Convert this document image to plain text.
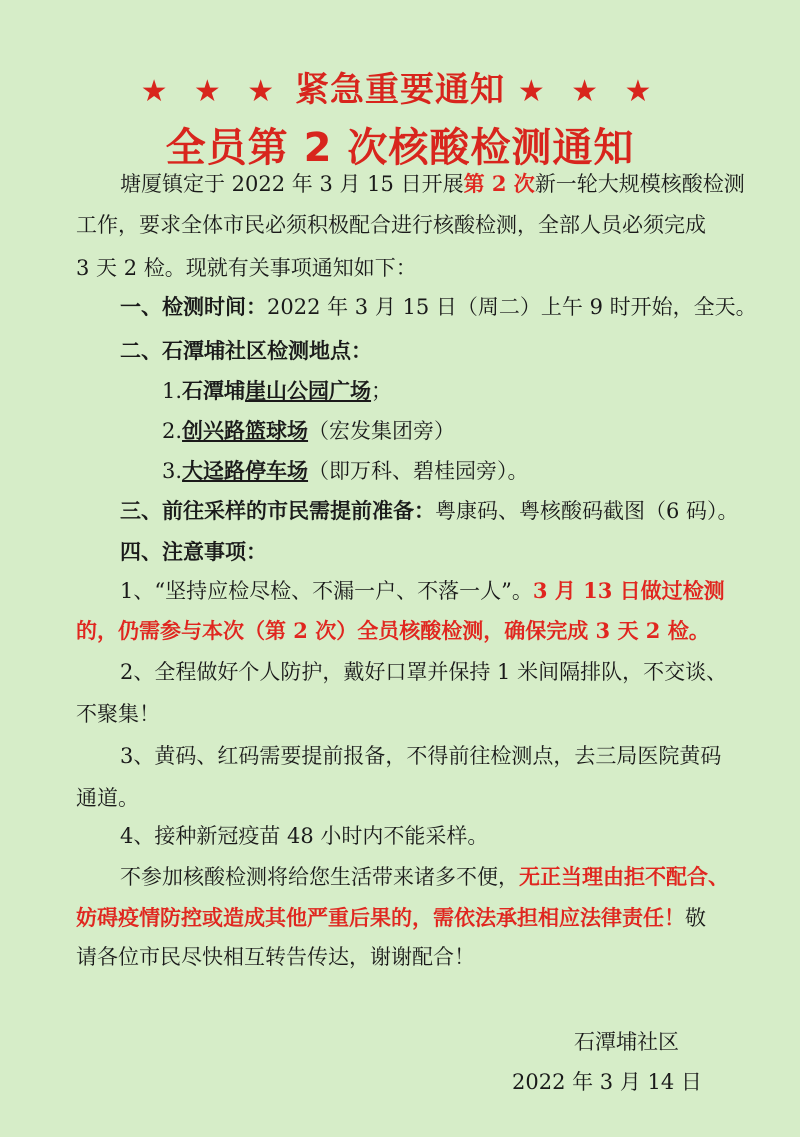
★ ★ ★ 紧急重要通知 ★ ★ ★
全员第 2 次核酸检测通知
塘厦镇定于 2022 年 3 月 15 日开展第 2 次新一轮大规模核酸检测
工作，要求全体市民必须积极配合进行核酸检测，全部人员必须完成
3 天 2 检。现就有关事项通知如下：
一、检测时间：2022 年 3 月 15 日（周二）上午 9 时开始，全天。
二、石潭埔社区检测地点：
1.石潭埔崖山公园广场；
2.创兴路篮球场（宏发集团旁）
3.大迳路停车场（即万科、碧桂园旁）。
三、前往采样的市民需提前准备：粤康码、粤核酸码截图（6 码）。
四、注意事项：
1、“坚持应检尽检、不漏一户、不落一人”。3 月 13 日做过检测
的，仍需参与本次（第 2 次）全员核酸检测，确保完成 3 天 2 检。
2、全程做好个人防护，戴好口罩并保持 1 米间隔排队，不交谈、
不聚集！
3、黄码、红码需要提前报备，不得前往检测点，去三局医院黄码
通道。
4、接种新冠疫苗 48 小时内不能采样。
不参加核酸检测将给您生活带来诸多不便，无正当理由拒不配合、
妨碍疫情防控或造成其他严重后果的，需依法承担相应法律责任！敬
请各位市民尽快相互转告传达，谢谢配合！
石潭埔社区
2022 年 3 月 14 日
